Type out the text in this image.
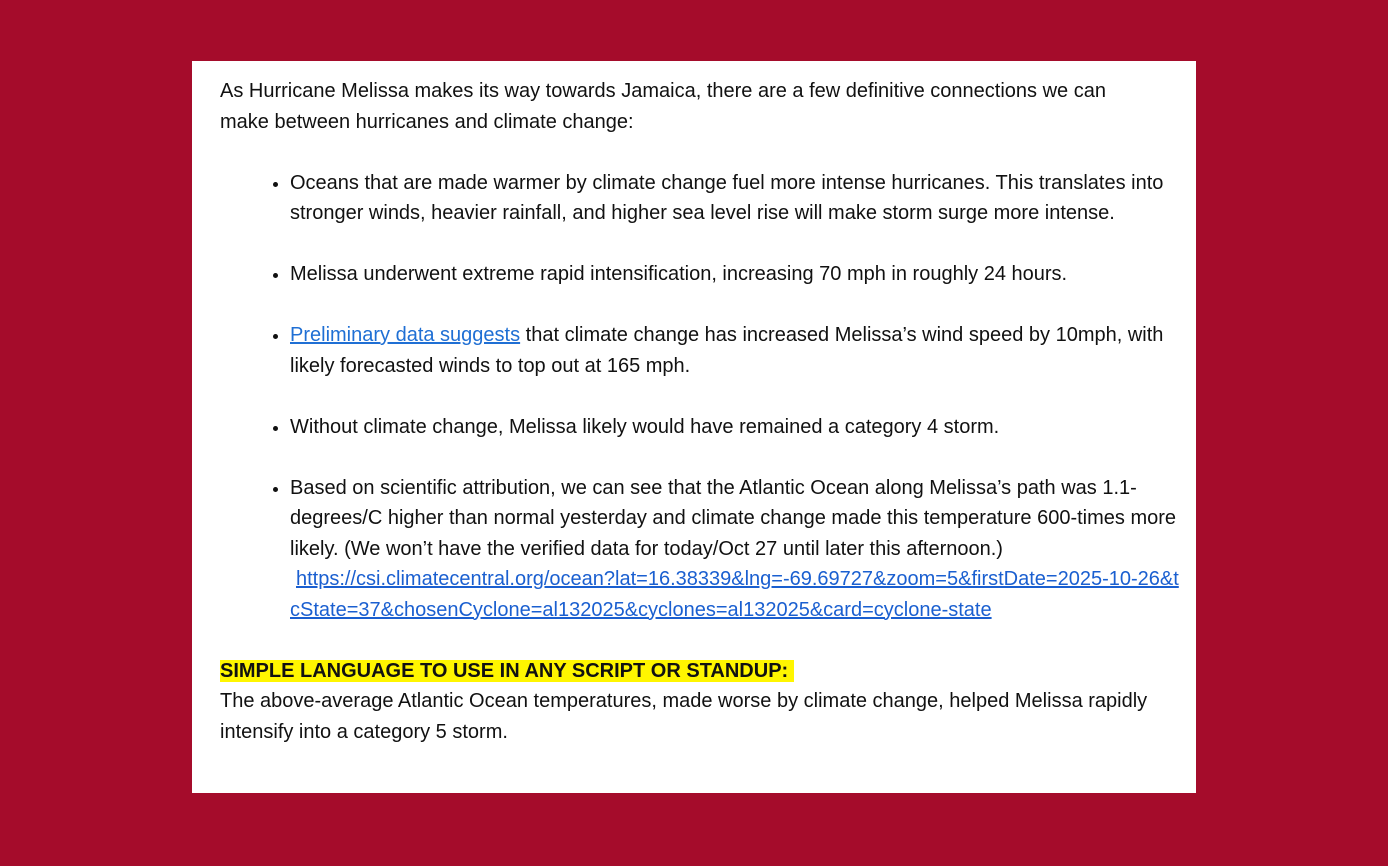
As Hurricane Melissa makes its way towards Jamaica, there are a few definitive connections we can make between hurricanes and climate change:

• Oceans that are made warmer by climate change fuel more intense hurricanes. This translates into stronger winds, heavier rainfall, and higher sea level rise will make storm surge more intense.
• Melissa underwent extreme rapid intensification, increasing 70 mph in roughly 24 hours.
• Preliminary data suggests that climate change has increased Melissa’s wind speed by 10mph, with likely forecasted winds to top out at 165 mph.
• Without climate change, Melissa likely would have remained a category 4 storm.
• Based on scientific attribution, we can see that the Atlantic Ocean along Melissa’s path was 1.1-degrees/C higher than normal yesterday and climate change made this temperature 600-times more likely. (We won’t have the verified data for today/Oct 27 until later this afternoon.)
https://csi.climatecentral.org/ocean?lat=16.38339&lng=-69.69727&zoom=5&firstDate=2025-10-26&tcState=37&chosenCyclone=al132025&cyclones=al132025&card=cyclone-state

SIMPLE LANGUAGE TO USE IN ANY SCRIPT OR STANDUP:

The above-average Atlantic Ocean temperatures, made worse by climate change, helped Melissa rapidly intensify into a category 5 storm.
